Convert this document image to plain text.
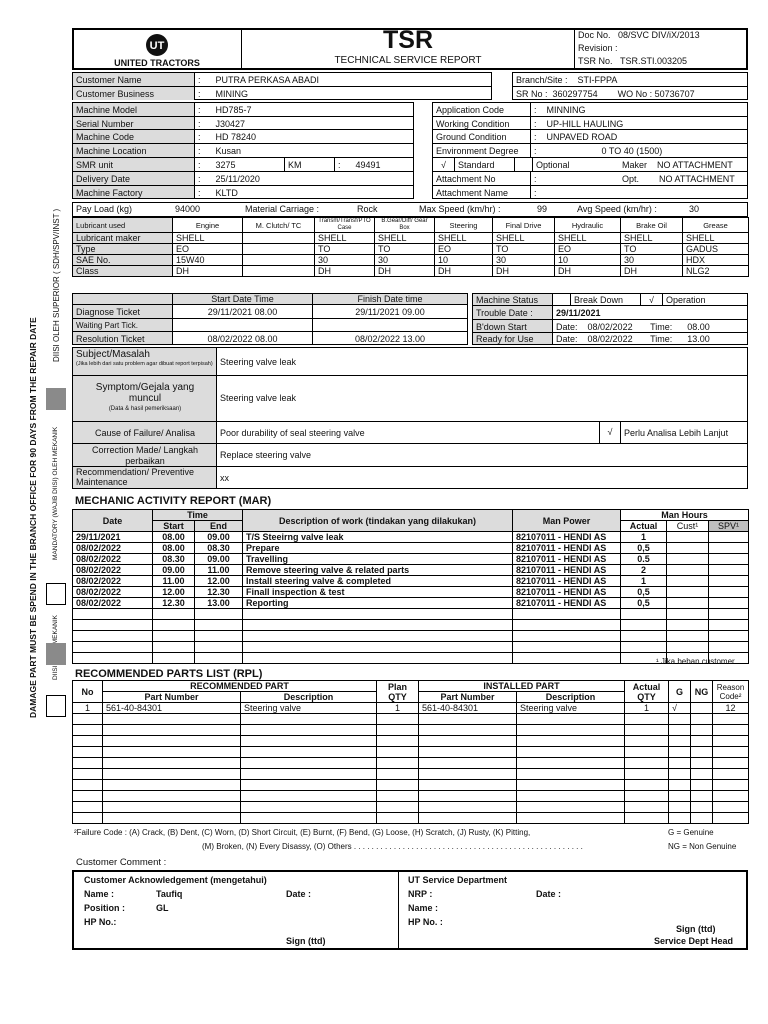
DAMAGE PART MUST BE SPEND IN THE BRANCH OFFICE FOR 90 DAYS FROM THE REPAIR DATE
DIISI OLEH SUPERIOR ( SDH/SPV/INST )
MANDATORY (WAJIB DIISI) OLEH MEKANIK
UT
UNITED TRACTORS
TSR
TECHNICAL SERVICE REPORT
Doc No. 08/SVC DIV/iX/2013
Revision :
TSR No. TSR.STI.003205
Customer Name	:      PUTRA PERKASA ABADI
Customer Business	:      MINING
Branch/Site : STI-FPPA
SR No : 360297754 WO No : 50736707
Machine Model	:      HD785-7
Serial Number	:      J30427
Machine Code	:      HD 78240
Machine Location	:      Kusan
SMR unit	:      3275	KM	:      49491
Delivery Date	:      25/11/2020
Machine Factory	:      KLTD
Application Code	:    MINNING
Working Condition	:    UP-HILL HAULING
Ground Condition	:    UNPAVED ROAD
Environment Degree	:                          0 TO 40 (1500)
√	Standard	Optional	Maker NO ATTACHMENT
Attachment No	:	Opt. NO ATTACHMENT
Attachment Name	:
Pay Load (kg)	94000	Material Carriage :	Rock	Max Speed (km/hr) :	99	Avg Speed (km/hr) :	30
Lubricant used	Engine	M. Clutch/ TC	Transm/Transf/PTO Case	B.Gear/Diff/ Gear Box	Steering	Final Drive	Hydraulic	Brake Oil	Grease
Lubricant maker	SHELL		SHELL	SHELL	SHELL	SHELL	SHELL	SHELL	SHELL
Type	EO		TO	TO	EO	TO	EO	TO	GADUS
SAE No.	15W40		30	30	10	30	10	30	HDX
Class	DH		DH	DH	DH	DH	DH	DH	NLG2
Start Date Time	Finish Date time
Diagnose Ticket	29/11/2021 08.00	29/11/2021 09.00
Waiting Part Tick.
Resolution Ticket	08/02/2022 08.00	08/02/2022 13.00
Machine Status	Break Down	√	Operation
Trouble Date :	29/11/2021
B'down Start	Date: 08/02/2022 Time: 08.00
Ready for Use	Date: 08/02/2022 Time: 13.00
Subject/Masalah
(Jika lebih dari satu problem agar dibuat report terpisah) Steering valve leak
Symptom/Gejala yang muncul
(Data & hasil pemeriksaan)
Steering valve leak
Cause of Failure/ Analisa	Poor durability of seal steering valve	√	Perlu Analisa Lebih Lanjut
Correction Made/ Langkah perbaikan
Replace steering valve
Recommendation/ Preventive Maintenance	xx
MECHANIC ACTIVITY REPORT (MAR)
Date	Time		Description of work (tindakan yang dilakukan)	Man Power	Man Hours		
	Start	End			Actual	Cust¹	SPV¹
29/11/2021	08.00	09.00	T/S Steeirng valve leak	82107011 - HENDI AS	1		
08/02/2022	08.00	08.30	Prepare	82107011 - HENDI AS	0,5		
08/02/2022	08.30	09.00	Travelling	82107011 - HENDI AS	0.5		
08/02/2022	09.00	11.00	Remove steering valve & related parts	82107011 - HENDI AS	2		
08/02/2022	11.00	12.00	Install steering valve & completed	82107011 - HENDI AS	1		
08/02/2022	12.00	12.30	Finall inspection & test	82107011 - HENDI AS	0,5		
08/02/2022	12.30	13.00	Reporting	82107011 - HENDI AS	0,5		

¹ Jika beban customer
RECOMMENDED PARTS LIST (RPL)
No	RECOMMENDED PART		Plan QTY	INSTALLED PART		Actual QTY	G	NG	Reason Code²
	Part Number	Description		Part Number	Description				
1	561-40-84301	Steering valve	1	561-40-84301	Steering valve	1	√		12

²Failure Code : (A) Crack, (B) Dent, (C) Worn, (D) Short Circuit, (E) Burnt, (F) Bend, (G) Loose, (H) Scratch, (J) Rusty, (K) Pitting,
(M) Broken, (N) Every Disassy, (O) Others . . . . . . . . . . . . . . . . . . . . . . . . . . . . . . . . . . . . . . . . . . . . . . . . . . . .
G = Genuine
NG = Non Genuine
Customer Comment :
Customer Acknowledgement (mengetahui)
Name :	Taufiq	Date :
Position :	GL
HP No.:
Sign (ttd)
UT Service Department
NRP :	Date :
Name :
HP No. :
Sign (ttd)
Service Dept Head
